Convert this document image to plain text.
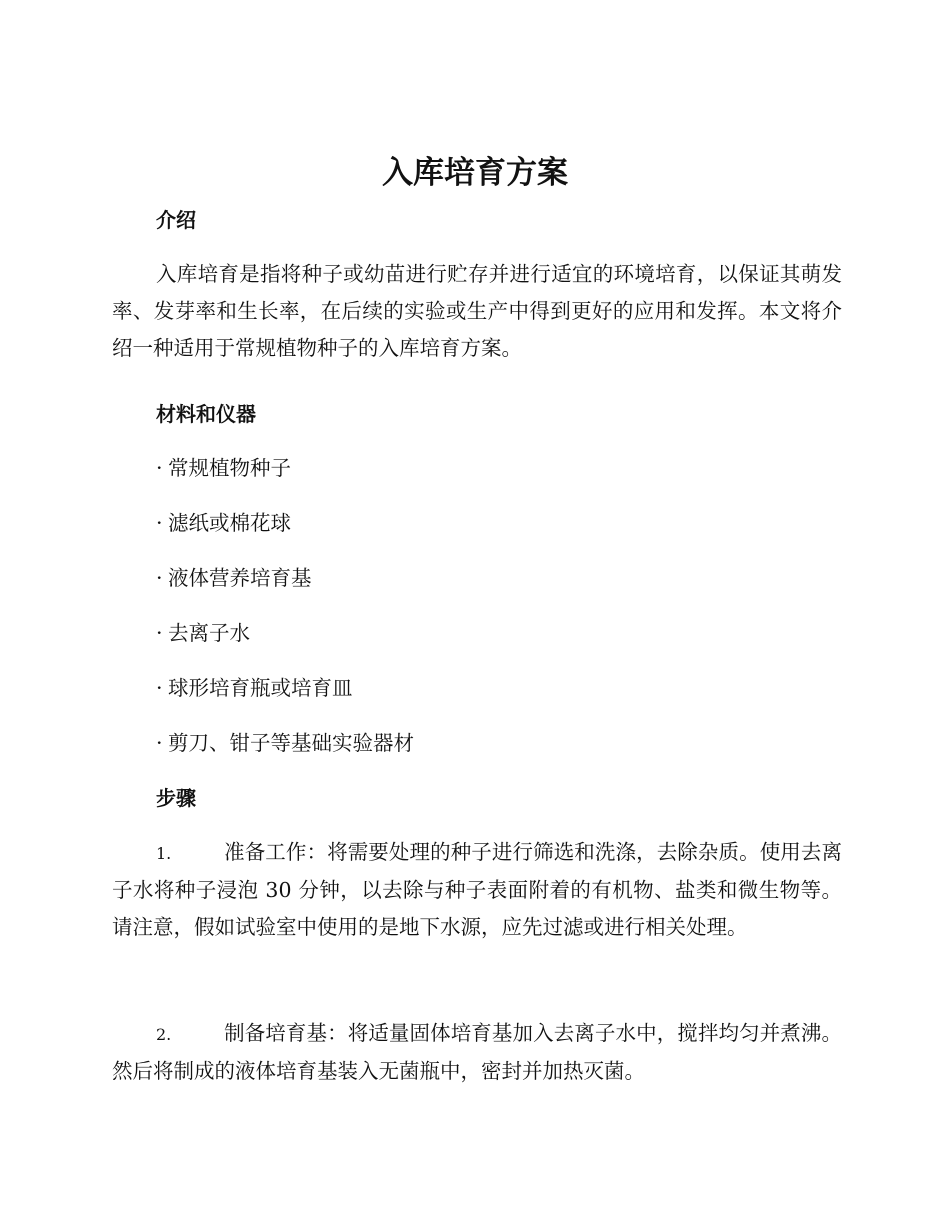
入库培育方案
介绍

入库培育是指将种子或幼苗进行贮存并进行适宜的环境培育，以保证其萌发率、发芽率和生长率，在后续的实验或生产中得到更好的应用和发挥。本文将介绍一种适用于常规植物种子的入库培育方案。

材料和仪器
· 常规植物种子
· 滤纸或棉花球
· 液体营养培育基
· 去离子水
· 球形培育瓶或培育皿
· 剪刀、钳子等基础实验器材
步骤

1.	准备工作：将需要处理的种子进行筛选和洗涤，去除杂质。使用去离子水将种子浸泡 30 分钟，以去除与种子表面附着的有机物、盐类和微生物等。请注意，假如试验室中使用的是地下水源，应先过滤或进行相关处理。

2.	制备培育基：将适量固体培育基加入去离子水中，搅拌均匀并煮沸。然后将制成的液体培育基装入无菌瓶中，密封并加热灭菌。
